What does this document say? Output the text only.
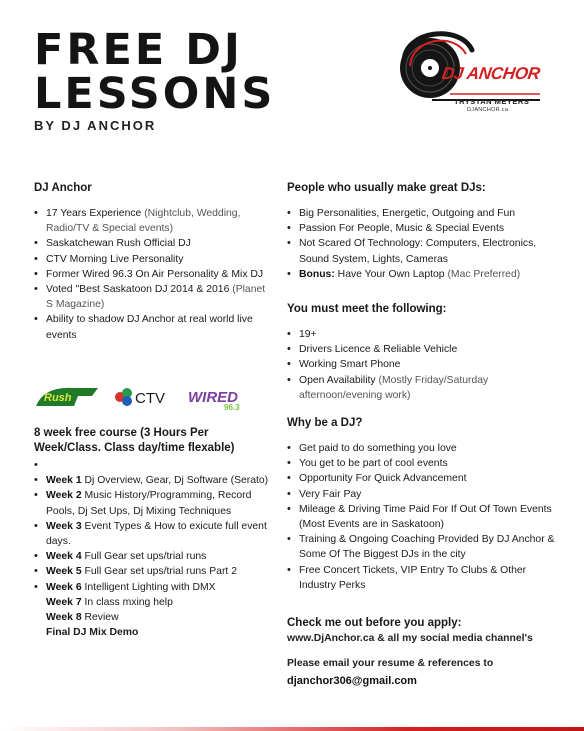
FREE DJ
LESSONS
BY DJ ANCHOR
DJ ANCHOR
TRYSTAN MEYERS
DJANCHOR.ca
DJ Anchor
• 17 Years Experience (Nightclub, Wedding, Radio/TV & Special events)
• Saskatchewan Rush Official DJ
• CTV Morning Live Personality
• Former Wired 96.3 On Air Personality & Mix DJ
• Voted "Best Saskatoon DJ 2014 & 2016 (Planet S Magazine)
• Ability to shadow DJ Anchor at real world live events
Rush	CTV WIRED
96.3
8 week free course (3 Hours Per Week/Class. Class day/time flexable)
•
• Week 1 Dj Overview, Gear, Dj Software (Serato)
• Week 2 Music History/Programming, Record Pools, Dj Set Ups, Dj Mixing Techniques
• Week 3 Event Types & How to exicute full event days.
• Week 4 Full Gear set ups/trial runs
• Week 5 Full Gear set ups/trial runs Part 2
• Week 6 Intelligent Lighting with DMX
Week 7 In class mxing help
Week 8 Review
Final DJ Mix Demo
People who usually make great DJs:
• Big Personalities, Energetic, Outgoing and Fun
• Passion For People, Music & Special Events
• Not Scared Of Technology: Computers, Electronics, Sound System, Lights, Cameras
• Bonus: Have Your Own Laptop (Mac Preferred)
You must meet the following:
• 19+
• Drivers Licence & Reliable Vehicle
• Working Smart Phone
• Open Availability (Mostly Friday/Saturday afternoon/evening work)
Why be a DJ?
• Get paid to do something you love
• You get to be part of cool events
• Opportunity For Quick Advancement
• Very Fair Pay
• Mileage & Driving Time Paid For If Out Of Town Events (Most Events are in Saskatoon)
• Training & Ongoing Coaching Provided By DJ Anchor & Some Of The Biggest DJs in the city
• Free Concert Tickets, VIP Entry To Clubs & Other Industry Perks
Check me out before you apply:
www.DjAnchor.ca & all my social media channel's
Please email your resume & references to
djanchor306@gmail.com
